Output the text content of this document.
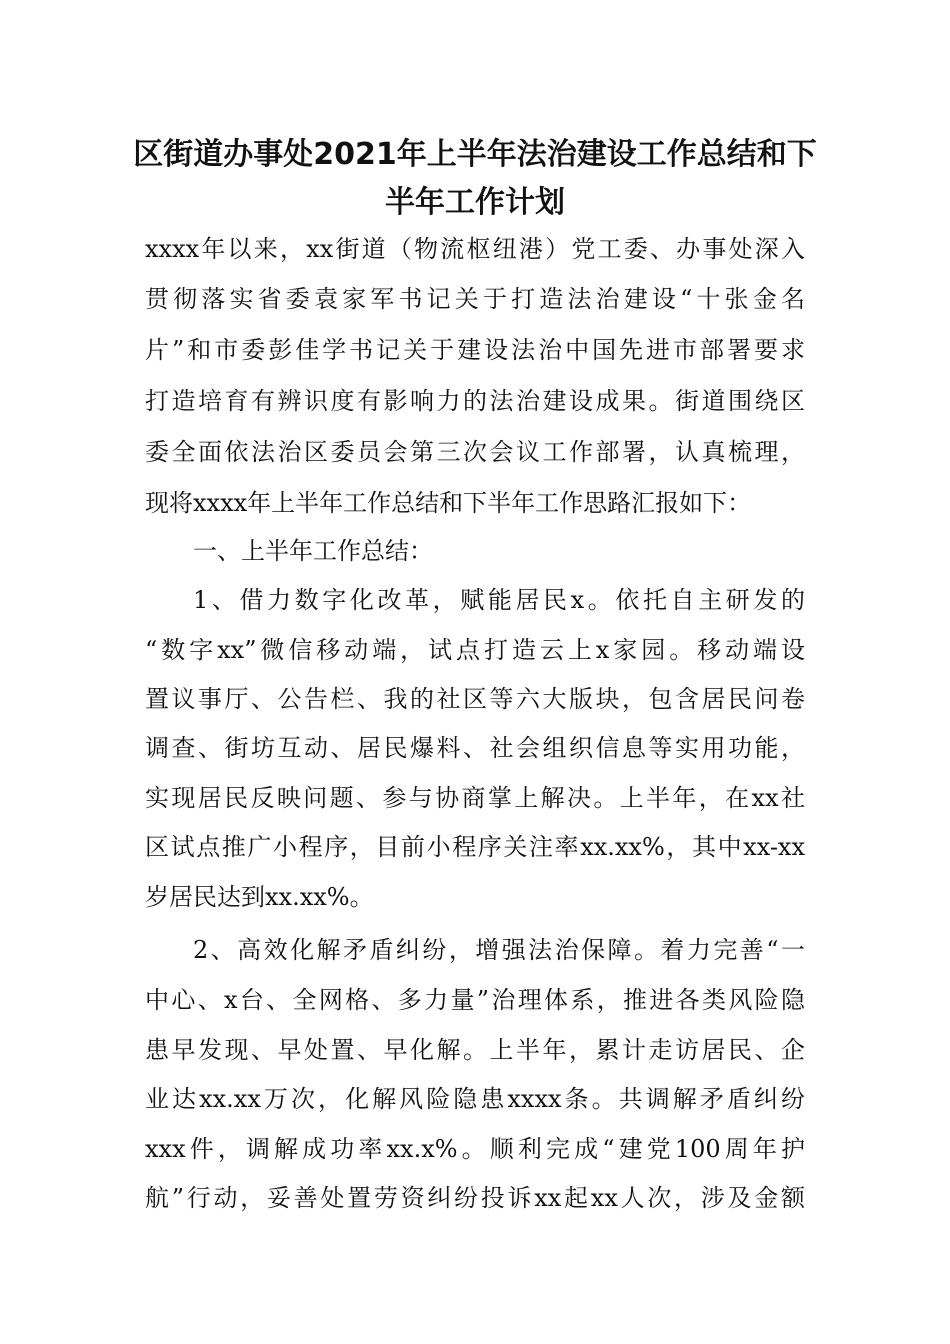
区街道办事处2021年上半年法治建设工作总结和下
半年工作计划
xxxx年以来，xx街道（物流枢纽港）党工委、办事处深入
贯彻落实省委袁家军书记关于打造法治建设“十张金名
片”和市委彭佳学书记关于建设法治中国先进市部署要求
打造培育有辨识度有影响力的法治建设成果。街道围绕区
委全面依法治区委员会第三次会议工作部署，认真梳理，
现将xxxx年上半年工作总结和下半年工作思路汇报如下：
一、上半年工作总结：
1、借力数字化改革，赋能居民x。依托自主研发的
“数字xx”微信移动端，试点打造云上x家园。移动端设
置议事厅、公告栏、我的社区等六大版块，包含居民问卷
调查、街坊互动、居民爆料、社会组织信息等实用功能，
实现居民反映问题、参与协商掌上解决。上半年，在xx社
区试点推广小程序，目前小程序关注率xx.xx%，其中xx-xx
岁居民达到xx.xx%。
2、高效化解矛盾纠纷，增强法治保障。着力完善“一
中心、x台、全网格、多力量”治理体系，推进各类风险隐
患早发现、早处置、早化解。上半年，累计走访居民、企
业达xx.xx万次，化解风险隐患xxxx条。共调解矛盾纠纷
xxx件，调解成功率xx.x%。顺利完成“建党100周年护
航”行动，妥善处置劳资纠纷投诉xx起xx人次，涉及金额
